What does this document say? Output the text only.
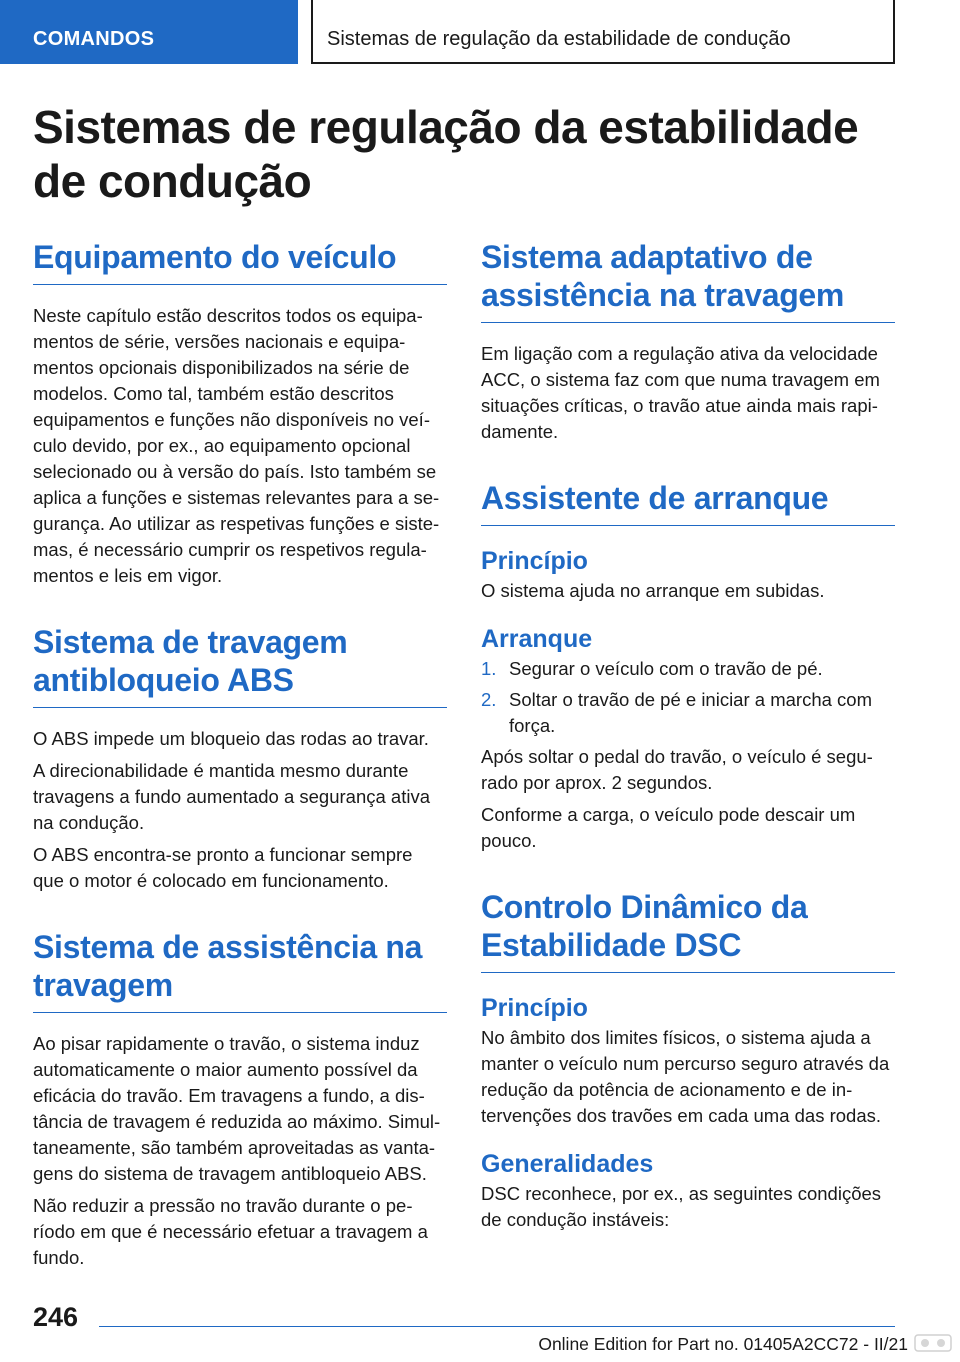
COMANDOS	Sistemas de regulação da estabilidade de condução
Sistemas de regulação da estabilidade de condução
Equipamento do veículo

Neste capítulo estão descritos todos os equipa-mentos de série, versões nacionais e equipa-mentos opcionais disponibilizados na série de modelos. Como tal, também estão descritos equipamentos e funções não disponíveis no veí-culo devido, por ex., ao equipamento opcional selecionado ou à versão do país. Isto também se aplica a funções e sistemas relevantes para a se-gurança. Ao utilizar as respetivas funções e siste-mas, é necessário cumprir os respetivos regula-mentos e leis em vigor.

Sistema de travagem antibloqueio ABS

O ABS impede um bloqueio das rodas ao travar.

A direcionabilidade é mantida mesmo durante travagens a fundo aumentado a segurança ativa na condução.

O ABS encontra-se pronto a funcionar sempre que o motor é colocado em funcionamento.

Sistema de assistência na travagem

Ao pisar rapidamente o travão, o sistema induz automaticamente o maior aumento possível da eficácia do travão. Em travagens a fundo, a dis-tância de travagem é reduzida ao máximo. Simul-taneamente, são também aproveitadas as vanta-gens do sistema de travagem antibloqueio ABS.

Não reduzir a pressão no travão durante o pe-ríodo em que é necessário efetuar a travagem a fundo.

Sistema adaptativo de assistência na travagem

Em ligação com a regulação ativa da velocidade ACC, o sistema faz com que numa travagem em situações críticas, o travão atue ainda mais rapi-damente.

Assistente de arranque
Princípio

O sistema ajuda no arranque em subidas.

Arranque
1. Segurar o veículo com o travão de pé.
2. Soltar o travão de pé e iniciar a marcha com força.

Após soltar o pedal do travão, o veículo é segu-rado por aprox. 2 segundos.

Conforme a carga, o veículo pode descair um pouco.

Controlo Dinâmico da Estabilidade DSC
Princípio

No âmbito dos limites físicos, o sistema ajuda a manter o veículo num percurso seguro através da redução da potência de acionamento e de in-tervenções dos travões em cada uma das rodas.

Generalidades

DSC reconhece, por ex., as seguintes condições de condução instáveis:

246
Online Edition for Part no. 01405A2CC72 - II/21
